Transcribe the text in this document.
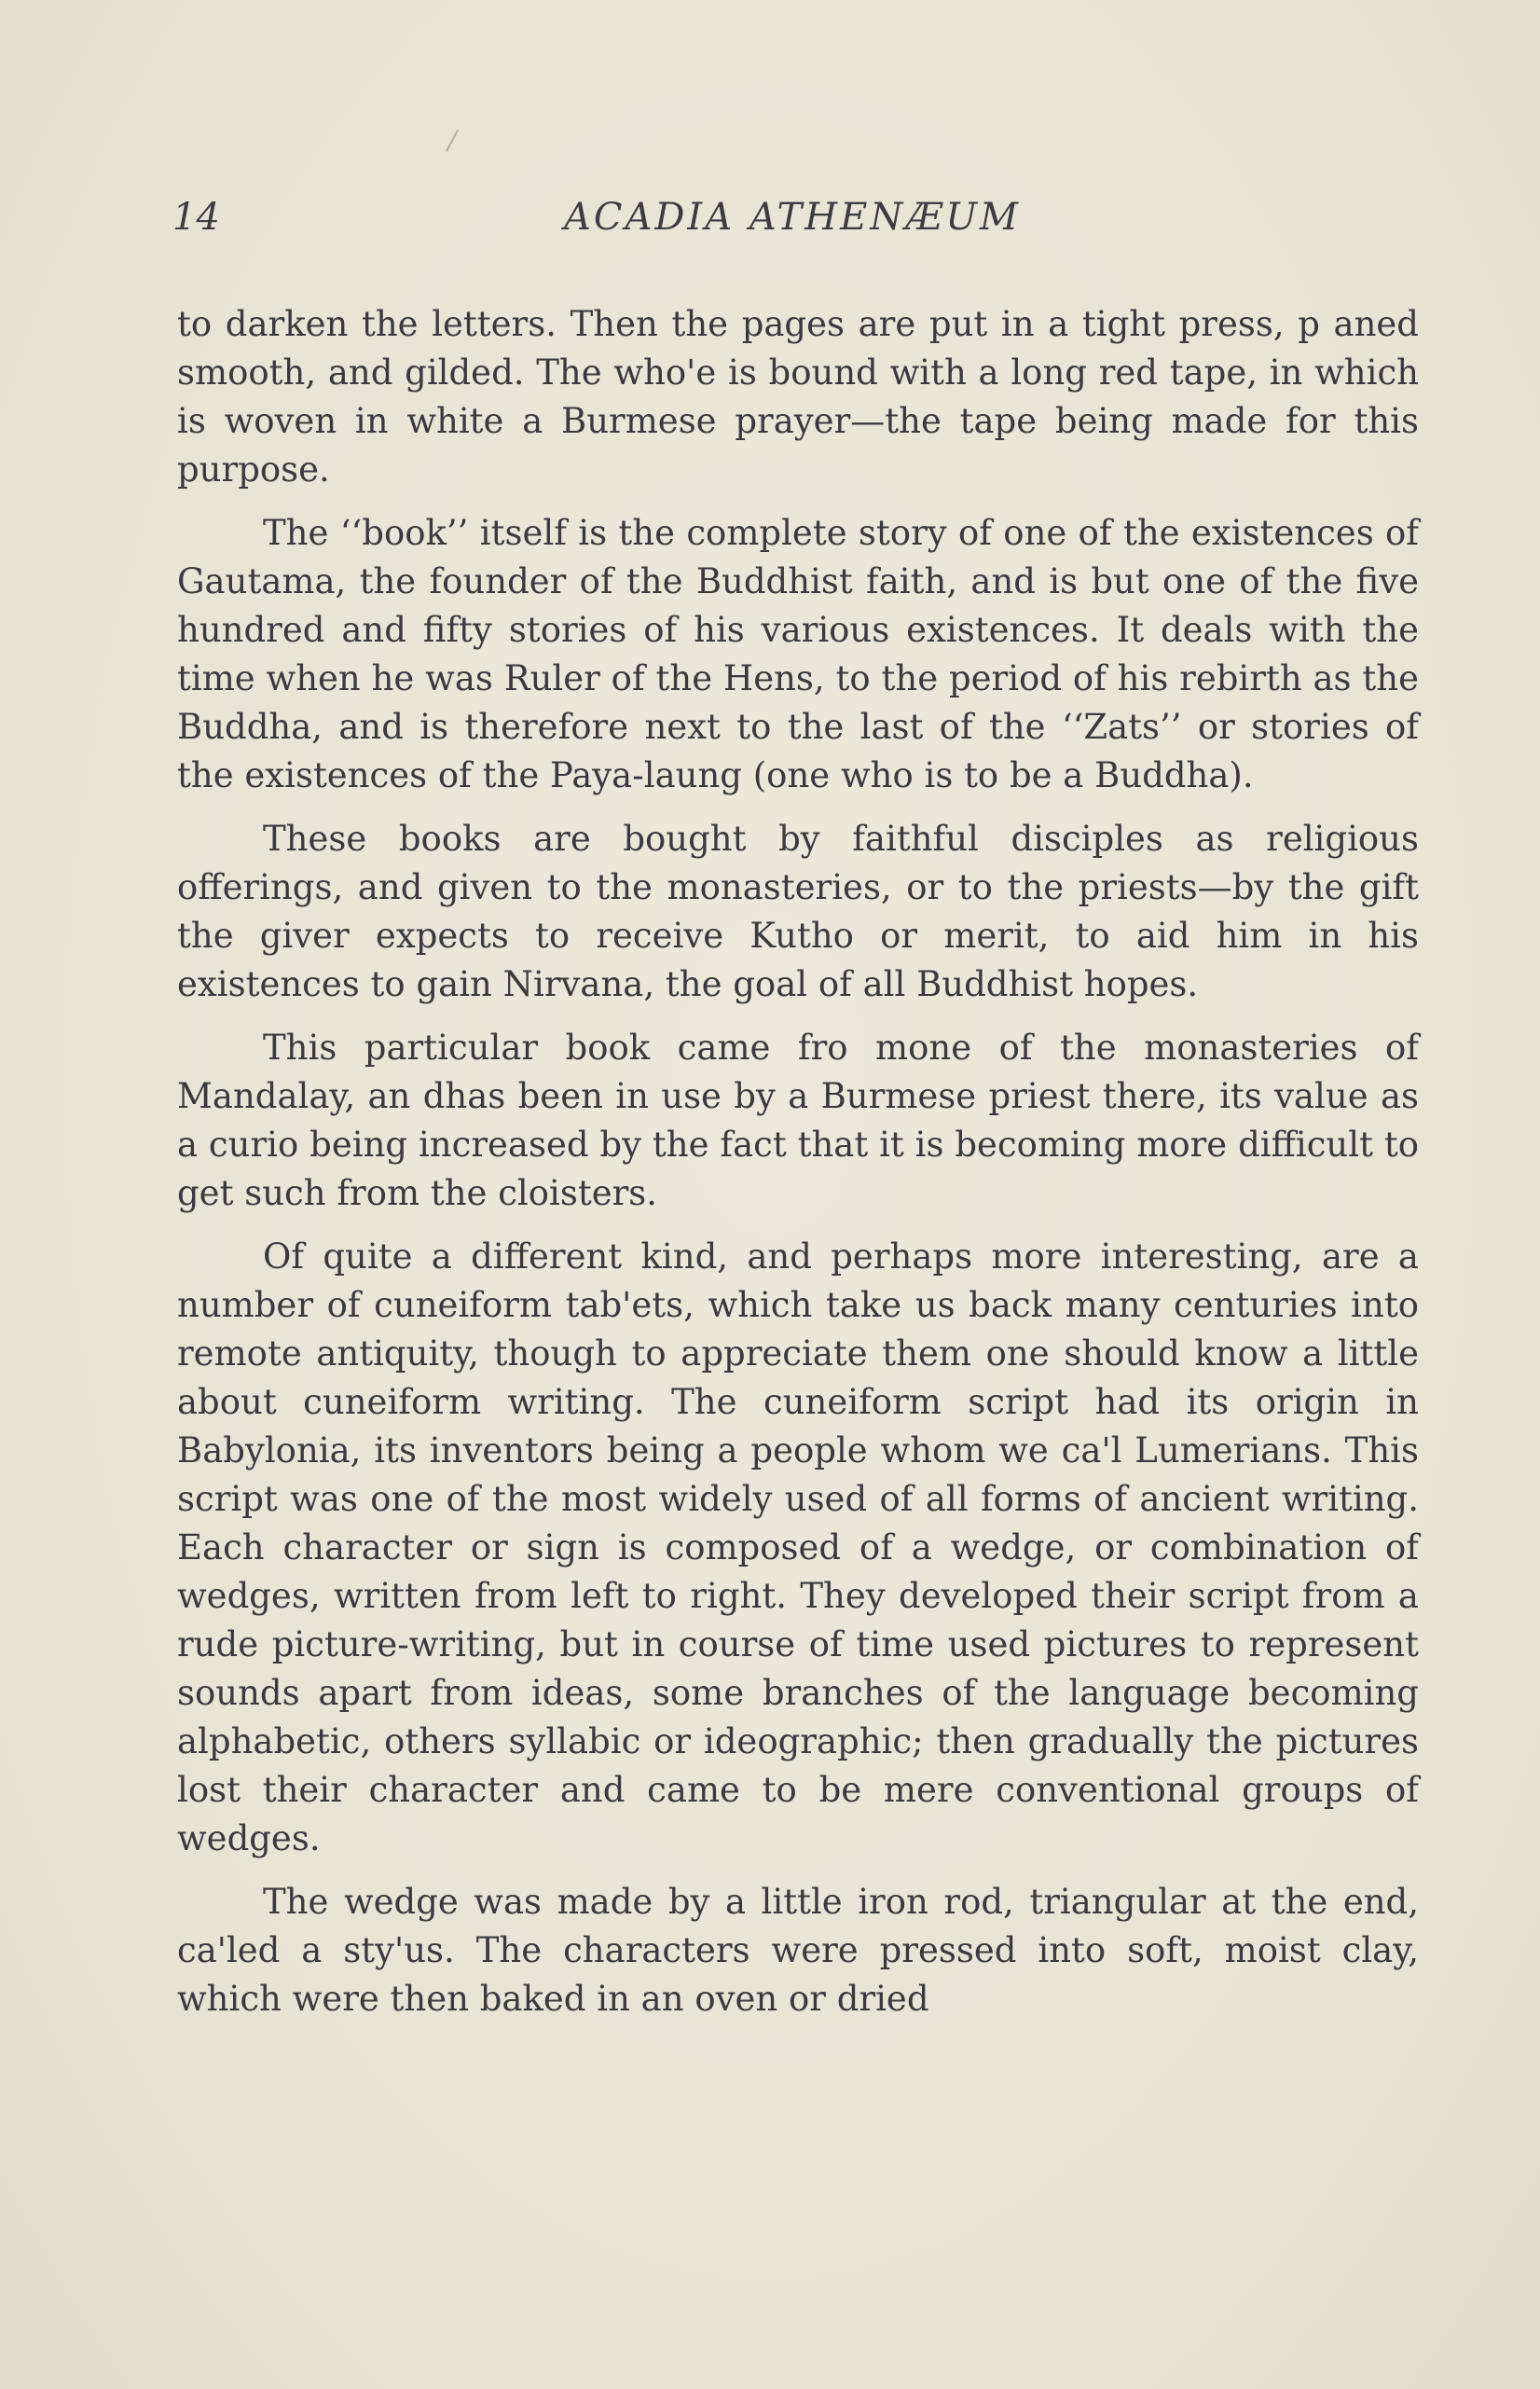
14	ACADIA ATHENÆUM

to darken the letters. Then the pages are put in a tight press, p aned smooth, and gilded. The who'e is bound with a long red tape, in which is woven in white a Burmese prayer—the tape being made for this purpose.

The ‘‘book’’ itself is the complete story of one of the existences of Gautama, the founder of the Buddhist faith, and is but one of the five hundred and fifty stories of his various existences. It deals with the time when he was Ruler of the Hens, to the period of his rebirth as the Buddha, and is therefore next to the last of the ‘‘Zats’’ or stories of the existences of the Paya-laung (one who is to be a Buddha).

These books are bought by faithful disciples as religious offerings, and given to the monasteries, or to the priests—by the gift the giver expects to receive Kutho or merit, to aid him in his existences to gain Nirvana, the goal of all Buddhist hopes.

This particular book came fro mone of the monasteries of Mandalay, an dhas been in use by a Burmese priest there, its value as a curio being increased by the fact that it is becoming more difficult to get such from the cloisters.

Of quite a different kind, and perhaps more interesting, are a number of cuneiform tab'ets, which take us back many centuries into remote antiquity, though to appreciate them one should know a little about cuneiform writing. The cuneiform script had its origin in Babylonia, its inventors being a people whom we ca'l Lumerians. This script was one of the most widely used of all forms of ancient writing. Each character or sign is composed of a wedge, or combination of wedges, written from left to right. They developed their script from a rude picture-writing, but in course of time used pictures to represent sounds apart from ideas, some branches of the language becoming alphabetic, others syllabic or ideographic; then gradually the pictures lost their character and came to be mere conventional groups of wedges.

The wedge was made by a little iron rod, triangular at the end, ca'led a sty'us. The characters were pressed into soft, moist clay, which were then baked in an oven or dried
